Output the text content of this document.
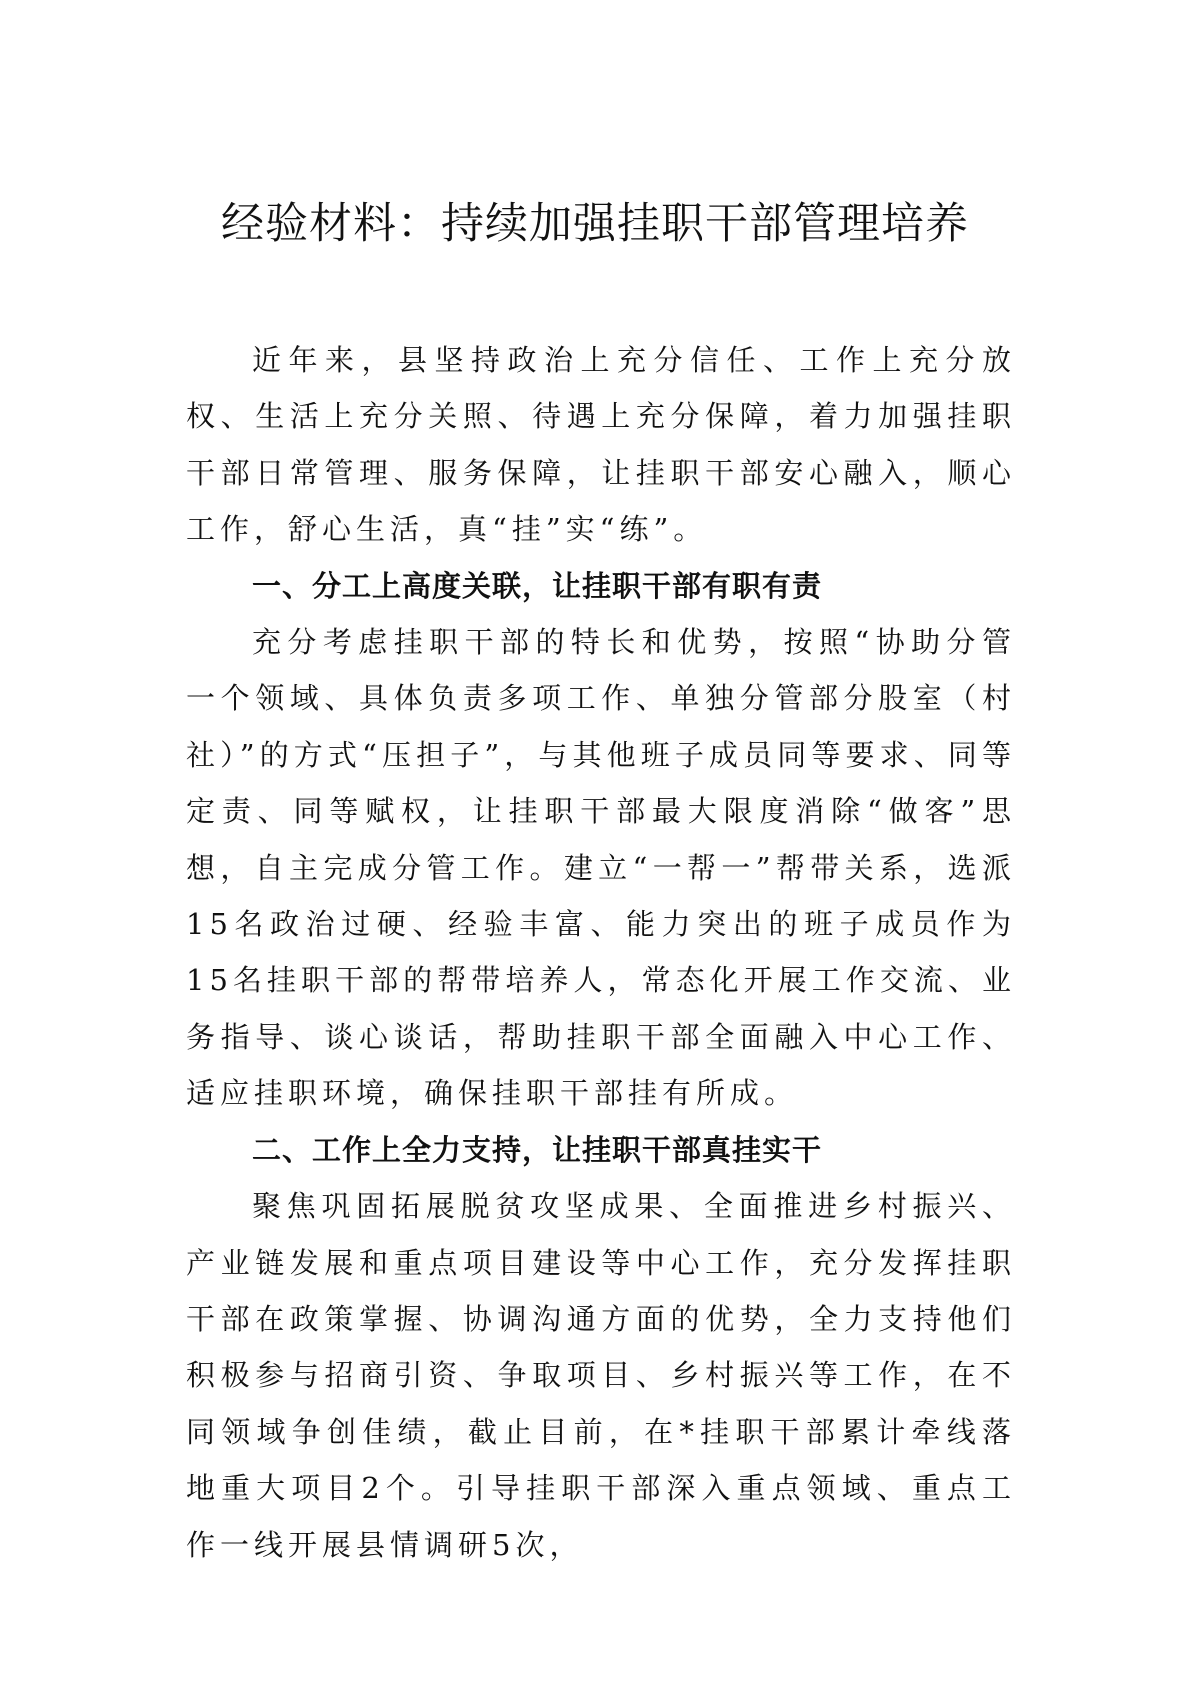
经验材料：持续加强挂职干部管理培养

近年来，县坚持政治上充分信任、工作上充分放权、生活上充分关照、待遇上充分保障，着力加强挂职干部日常管理、服务保障，让挂职干部安心融入，顺心工作，舒心生活，真“挂”实“练”。

一、分工上高度关联，让挂职干部有职有责

充分考虑挂职干部的特长和优势，按照“协助分管一个领域、具体负责多项工作、单独分管部分股室（村社）”的方式“压担子”，与其他班子成员同等要求、同等定责、同等赋权，让挂职干部最大限度消除“做客”思想，自主完成分管工作。建立“一帮一”帮带关系，选派15名政治过硬、经验丰富、能力突出的班子成员作为15名挂职干部的帮带培养人，常态化开展工作交流、业务指导、谈心谈话，帮助挂职干部全面融入中心工作、适应挂职环境，确保挂职干部挂有所成。

二、工作上全力支持，让挂职干部真挂实干

聚焦巩固拓展脱贫攻坚成果、全面推进乡村振兴、产业链发展和重点项目建设等中心工作，充分发挥挂职干部在政策掌握、协调沟通方面的优势，全力支持他们积极参与招商引资、争取项目、乡村振兴等工作，在不同领域争创佳绩，截止目前，在*挂职干部累计牵线落地重大项目2个。引导挂职干部深入重点领域、重点工作一线开展县情调研5次，
